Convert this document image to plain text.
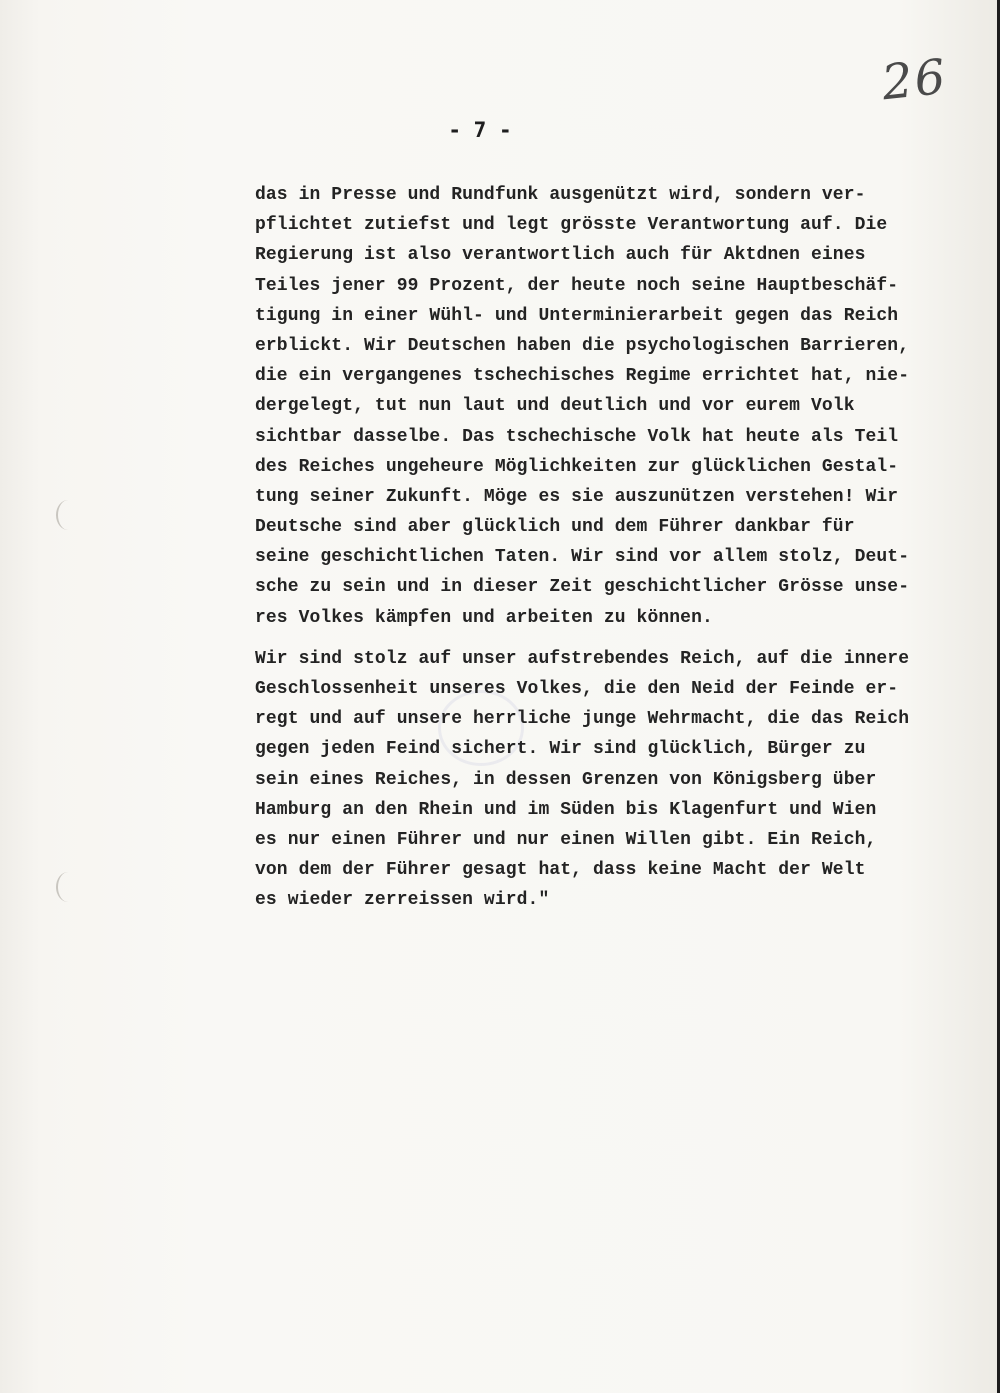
26
- 7 -
das in Presse und Rundfunk ausgenützt wird, sondern ver-
pflichtet zutiefst und legt grösste Verantwortung auf. Die
Regierung ist also verantwortlich auch für Aktdnen eines
Teiles jener 99 Prozent, der heute noch seine Hauptbeschäf-
tigung in einer Wühl- und Unterminierarbeit gegen das Reich
erblickt. Wir Deutschen haben die psychologischen Barrieren,
die ein vergangenes tschechisches Regime errichtet hat, nie-
dergelegt, tut nun laut und deutlich und vor eurem Volk
sichtbar dasselbe. Das tschechische Volk hat heute als Teil
des Reiches ungeheure Möglichkeiten zur glücklichen Gestal-
tung seiner Zukunft. Möge es sie auszunützen verstehen! Wir
Deutsche sind aber glücklich und dem Führer dankbar für
seine geschichtlichen Taten. Wir sind vor allem stolz, Deut-
sche zu sein und in dieser Zeit geschichtlicher Grösse unse-
res Volkes kämpfen und arbeiten zu können.
Wir sind stolz auf unser aufstrebendes Reich, auf die innere
Geschlossenheit unseres Volkes, die den Neid der Feinde er-
regt und auf unsere herrliche junge Wehrmacht, die das Reich
gegen jeden Feind sichert. Wir sind glücklich, Bürger zu
sein eines Reiches, in dessen Grenzen von Königsberg über
Hamburg an den Rhein und im Süden bis Klagenfurt und Wien
es nur einen Führer und nur einen Willen gibt. Ein Reich,
von dem der Führer gesagt hat, dass keine Macht der Welt
es wieder zerreissen wird."
